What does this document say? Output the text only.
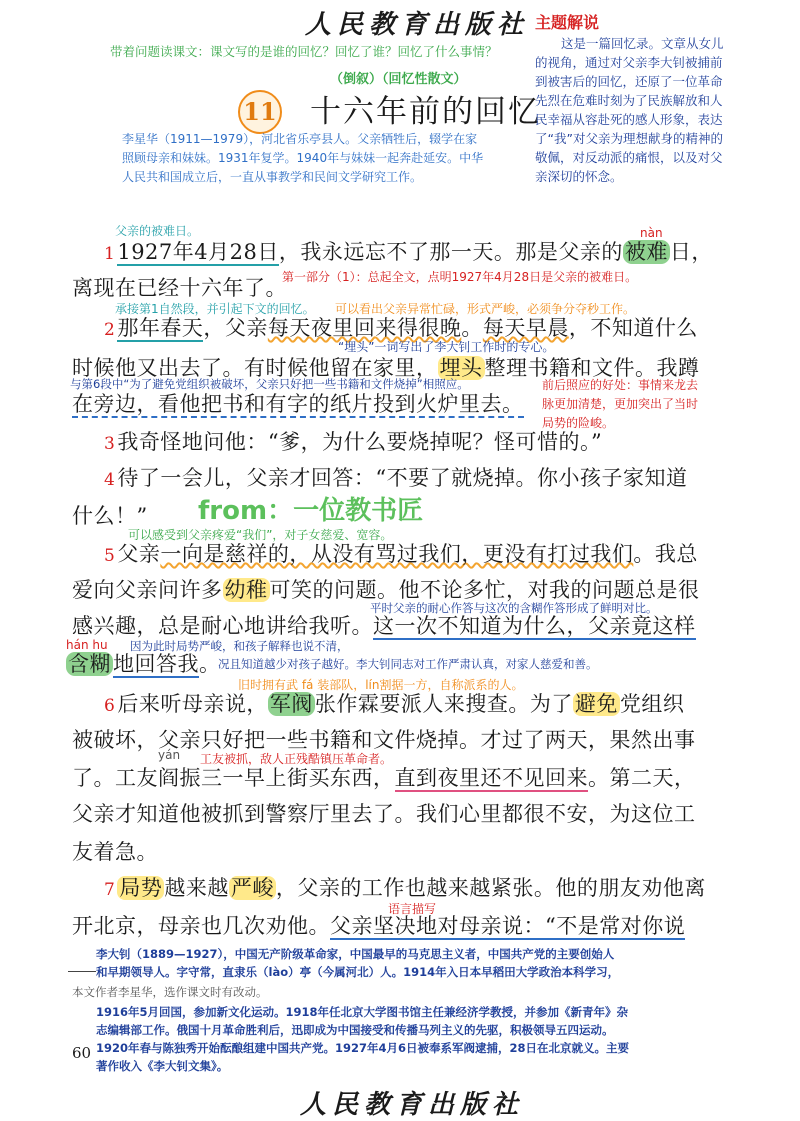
人民教育出版社
带着问题读课文：课文写的是谁的回忆？回忆了谁？回忆了什么事情？
（倒叙）（回忆性散文）
11 十六年前的回忆
李星华（1911—1979），河北省乐亭县人。父亲牺牲后，辍学在家
照顾母亲和妹妹。1931年复学。1940年与妹妹一起奔赴延安。中华
人民共和国成立后，一直从事教学和民间文学研究工作。
主题解说
这是一篇回忆录。文章从女儿
的视角，通过对父亲李大钊被捕前
到被害后的回忆，还原了一位革命
先烈在危难时刻为了民族解放和人
民幸福从容赴死的感人形象，表达
了“我”对父亲为理想献身的精神的
敬佩，对反动派的痛恨，以及对父
亲深切的怀念。
父亲的被难日。	nàn
11927年4月28日，我永远忘不了那一天。那是父亲的被难日，
离现在已经十六年了。
第一部分（1）：总起全文，点明1927年4月28日是父亲的被难日。
承接第1自然段，并引起下文的回忆。 可以看出父亲异常忙碌，形式严峻，必须争分夺秒工作。
2那年春天，父亲每天夜里回来得很晚。每天早晨，不知道什么
“埋头”一词写出了李大钊工作时的专心。
时候他又出去了。有时候他留在家里，埋头整理书籍和文件。我蹲
与第6段中“为了避免党组织被破坏，父亲只好把一些书籍和文件烧掉”相照应。	前后照应的好处：事情来龙去
脉更加清楚，更加突出了当时
局势的险峻。
在旁边，看他把书和有字的纸片投到火炉里去。
3我奇怪地问他：“爹，为什么要烧掉呢？怪可惜的。”
4待了一会儿，父亲才回答：“不要了就烧掉。你小孩子家知道
什么！” from：一位教书匠
可以感受到父亲疼爱“我们”，对子女慈爱、宽容。
5父亲一向是慈祥的，从没有骂过我们，更没有打过我们。我总
爱向父亲问许多幼稚可笑的问题。他不论多忙，对我的问题总是很
平时父亲的耐心作答与这次的含糊作答形成了鲜明对比。
感兴趣，总是耐心地讲给我听。这一次不知道为什么，父亲竟这样
hán hu 因为此时局势严峻，和孩子解释也说不清，
含糊地回答我。
况且知道越少对孩子越好。李大钊同志对工作严肃认真，对家人慈爱和善。
旧时拥有武 fá 装部队，lín割据一方，自称派系的人。
6后来听母亲说，军阀张作霖要派人来搜查。为了避免党组织
被破坏，父亲只好把一些书籍和文件烧掉。才过了两天，果然出事
yán 工友被抓，敌人正残酷镇压革命者。
了。工友阎振三一早上街买东西，直到夜里还不见回来。第二天，
父亲才知道他被抓到警察厅里去了。我们心里都很不安，为这位工
友着急。
7 局势越来越严峻，父亲的工作也越来越紧张。他的朋友劝他离
语言描写
开北京，母亲也几次劝他。父亲坚决地对母亲说：“不是常对你说
李大钊（1889—1927），中国无产阶级革命家，中国最早的马克思主义者，中国共产党的主要创始人
和早期领导人。字守常，直隶乐（lào）亭（今属河北）人。1914年入日本早稻田大学政治本科学习，
本文作者李星华，选作课文时有改动。
1916年5月回国，参加新文化运动。1918年任北京大学图书馆主任兼经济学教授，并参加《新青年》杂
志编辑部工作。俄国十月革命胜利后，迅即成为中国接受和传播马列主义的先驱，积极领导五四运动。
1920年春与陈独秀开始酝酿组建中国共产党。1927年4月6日被奉系军阀逮捕，28日在北京就义。主要
著作收入《李大钊文集》。
60
人民教育出版社
